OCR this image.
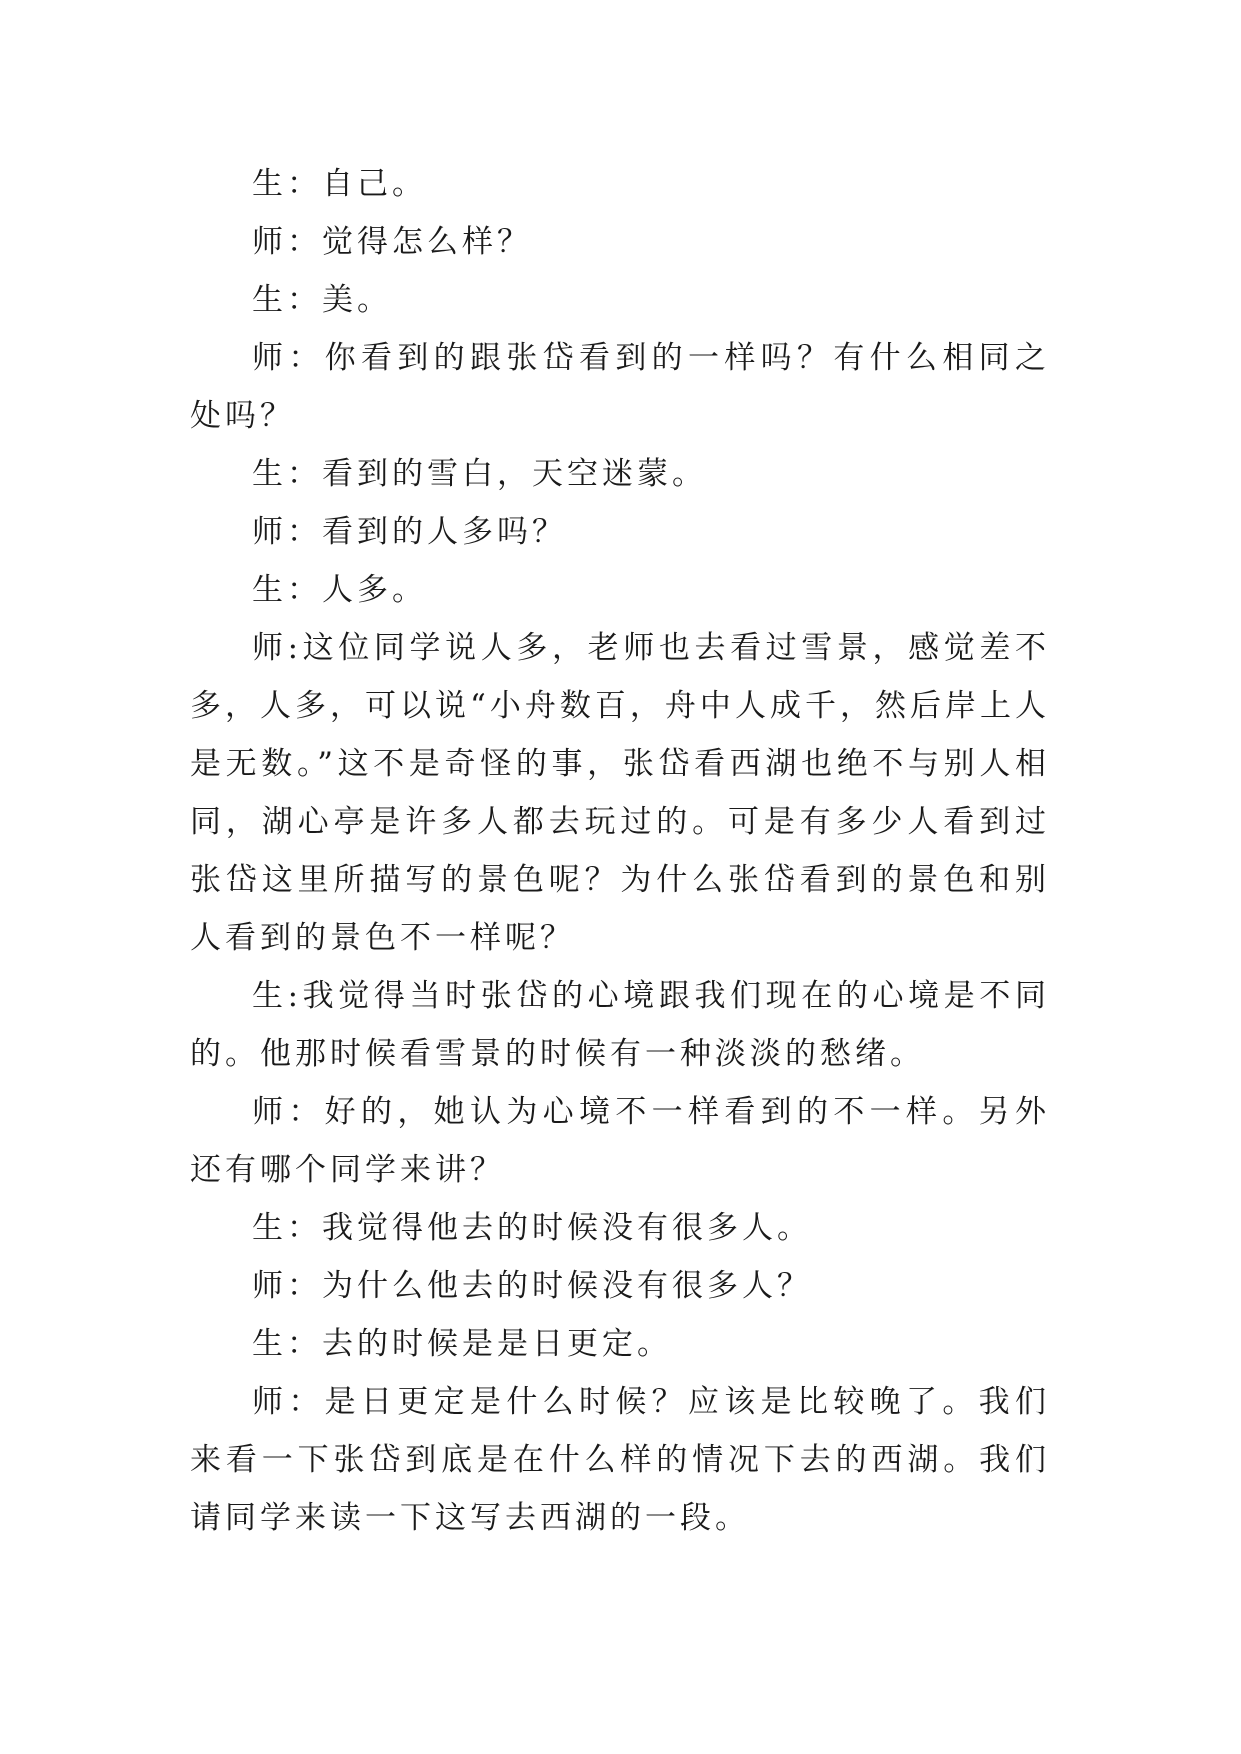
生：自己。

师：觉得怎么样？

生：美。

师：你看到的跟张岱看到的一样吗？有什么相同之处吗？

生：看到的雪白，天空迷蒙。

师：看到的人多吗？

生：人多。

师:这位同学说人多，老师也去看过雪景，感觉差不多，人多，可以说“小舟数百，舟中人成千，然后岸上人是无数。”这不是奇怪的事，张岱看西湖也绝不与别人相同，湖心亭是许多人都去玩过的。可是有多少人看到过张岱这里所描写的景色呢？为什么张岱看到的景色和别人看到的景色不一样呢？

生:我觉得当时张岱的心境跟我们现在的心境是不同的。他那时候看雪景的时候有一种淡淡的愁绪。

师：好的，她认为心境不一样看到的不一样。另外还有哪个同学来讲？

生：我觉得他去的时候没有很多人。

师：为什么他去的时候没有很多人？

生：去的时候是是日更定。

师：是日更定是什么时候？应该是比较晚了。我们来看一下张岱到底是在什么样的情况下去的西湖。我们请同学来读一下这写去西湖的一段。
